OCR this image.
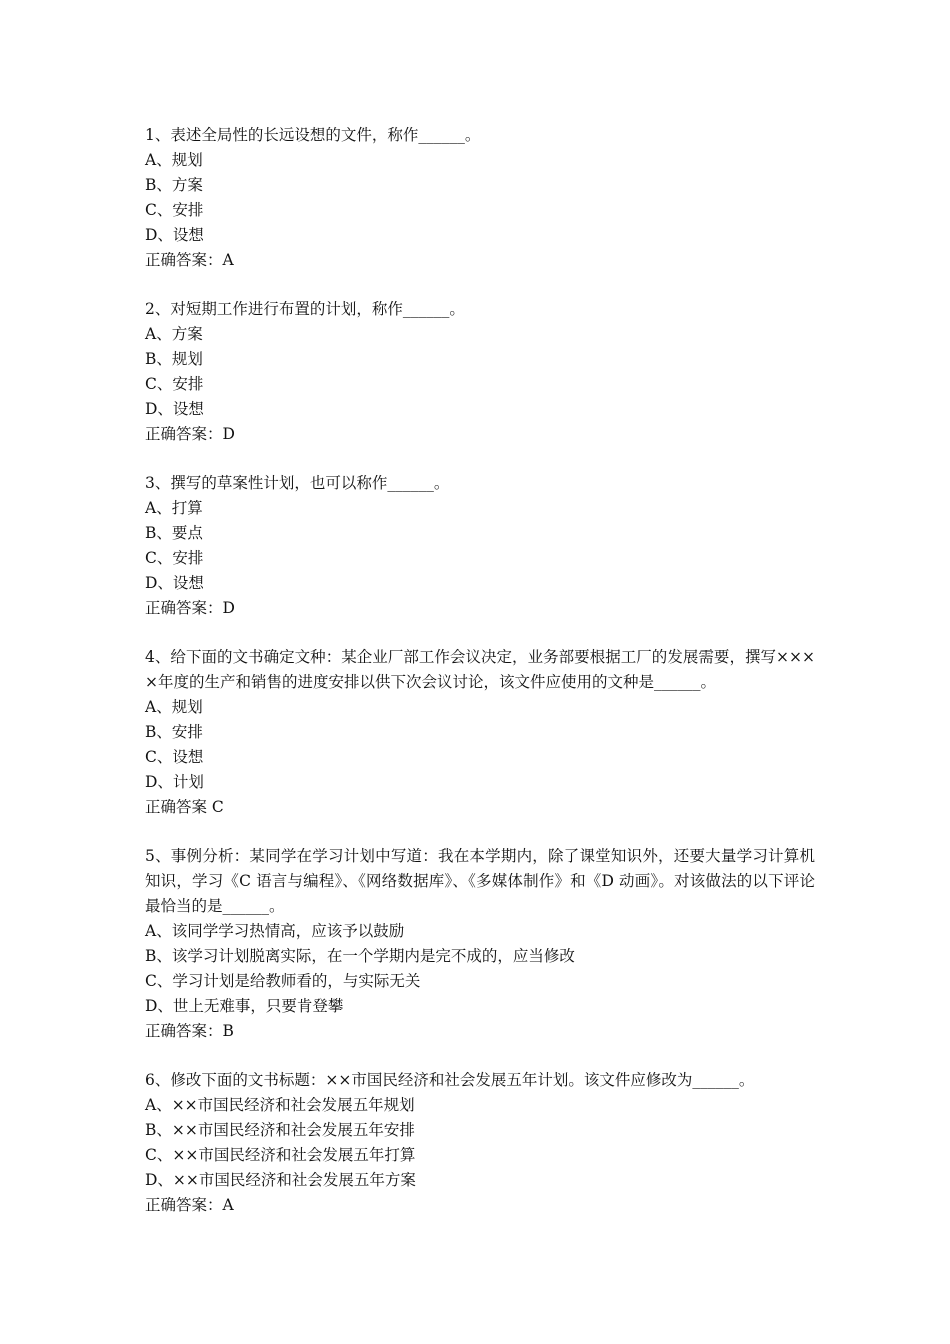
1、表述全局性的长远设想的文件，称作______。
A、规划
B、方案
C、安排
D、设想
正确答案：A
2、对短期工作进行布置的计划，称作______。
A、方案
B、规划
C、安排
D、设想
正确答案：D
3、撰写的草案性计划，也可以称作______。
A、打算
B、要点
C、安排
D、设想
正确答案：D
4、给下面的文书确定文种：某企业厂部工作会议决定，业务部要根据工厂的发展需要，撰写××××年度的生产和销售的进度安排以供下次会议讨论，该文件应使用的文种是______。
A、规划
B、安排
C、设想
D、计划
正确答案 C
5、事例分析：某同学在学习计划中写道：我在本学期内，除了课堂知识外，还要大量学习计算机知识，学习《C 语言与编程》、《网络数据库》、《多媒体制作》和《D 动画》。对该做法的以下评论最恰当的是______。
A、该同学学习热情高，应该予以鼓励
B、该学习计划脱离实际，在一个学期内是完不成的，应当修改
C、学习计划是给教师看的，与实际无关
D、世上无难事，只要肯登攀
正确答案：B
6、修改下面的文书标题：××市国民经济和社会发展五年计划。该文件应修改为______。
A、××市国民经济和社会发展五年规划
B、××市国民经济和社会发展五年安排
C、××市国民经济和社会发展五年打算
D、××市国民经济和社会发展五年方案
正确答案：A
